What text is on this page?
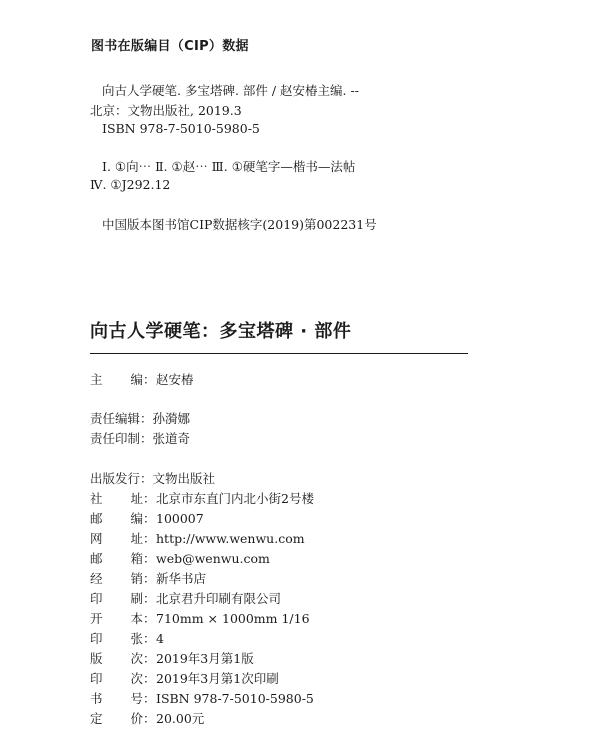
图书在版编目（CIP）数据
向古人学硬笔. 多宝塔碑. 部件 / 赵安椿主编. --
北京：文物出版社, 2019.3
ISBN 978-7-5010-5980-5
Ⅰ. ①向⋯ Ⅱ. ①赵⋯ Ⅲ. ①硬笔字—楷书—法帖
Ⅳ. ①J292.12
中国版本图书馆CIP数据核字(2019)第002231号
向古人学硬笔：多宝塔碑 · 部件
主 编：赵安椿
责任编辑：孙漪娜
责任印制：张道奇
出版发行：文物出版社
社 址：北京市东直门内北小街2号楼
邮 编：100007
网 址：http://www.wenwu.com
邮 箱：web@wenwu.com
经 销：新华书店
印 刷：北京君升印刷有限公司
开 本：710mm × 1000mm 1/16
印 张：4
版 次：2019年3月第1版
印 次：2019年3月第1次印刷
书 号：ISBN 978-7-5010-5980-5
定 价：20.00元
